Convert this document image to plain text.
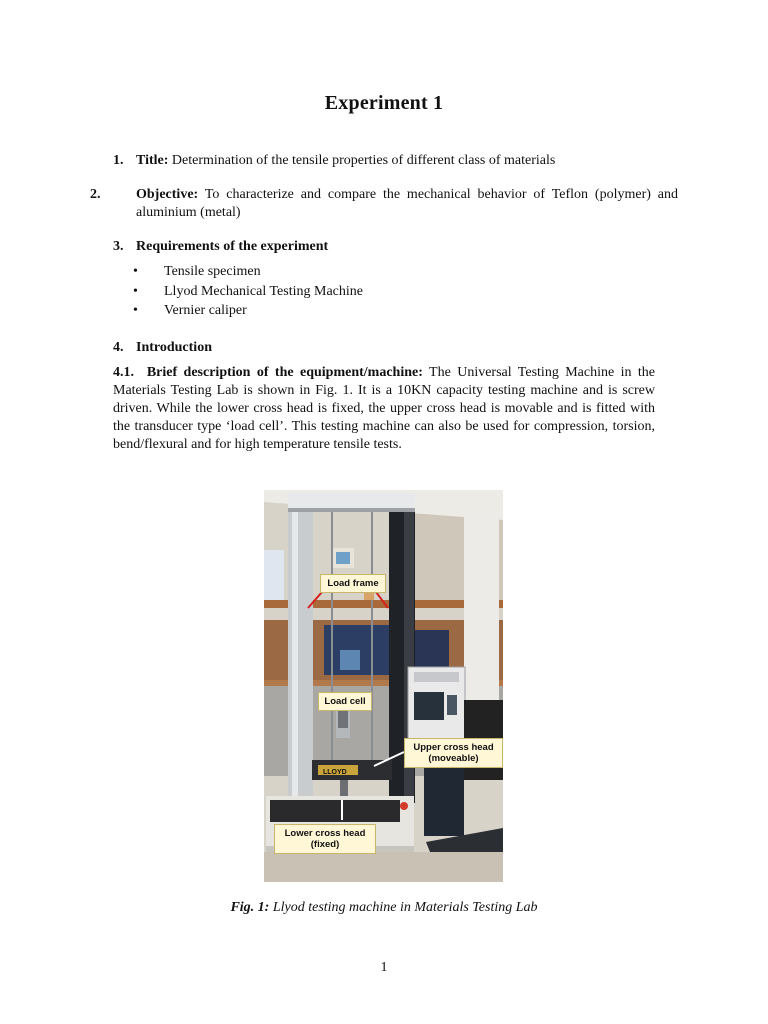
Experiment 1
1. Title: Determination of the tensile properties of different class of materials
2.	Objective: To characterize and compare the mechanical behavior of Teflon (polymer) and aluminium (metal)
3. Requirements of the experiment
• Tensile specimen
• Llyod Mechanical Testing Machine
• Vernier caliper
4. Introduction
4.1. Brief description of the equipment/machine: The Universal Testing Machine in the Materials Testing Lab is shown in Fig. 1. It is a 10KN capacity testing machine and is screw driven. While the lower cross head is fixed, the upper cross head is movable and is fitted with the transducer type ‘load cell’. This testing machine can also be used for compression, torsion, bend/flexural and for high temperature tensile tests.
LLOYD
Load frame
Load cell
Upper cross head
(moveable)
Lower cross head
(fixed)
Fig. 1: Llyod testing machine in Materials Testing Lab
1
